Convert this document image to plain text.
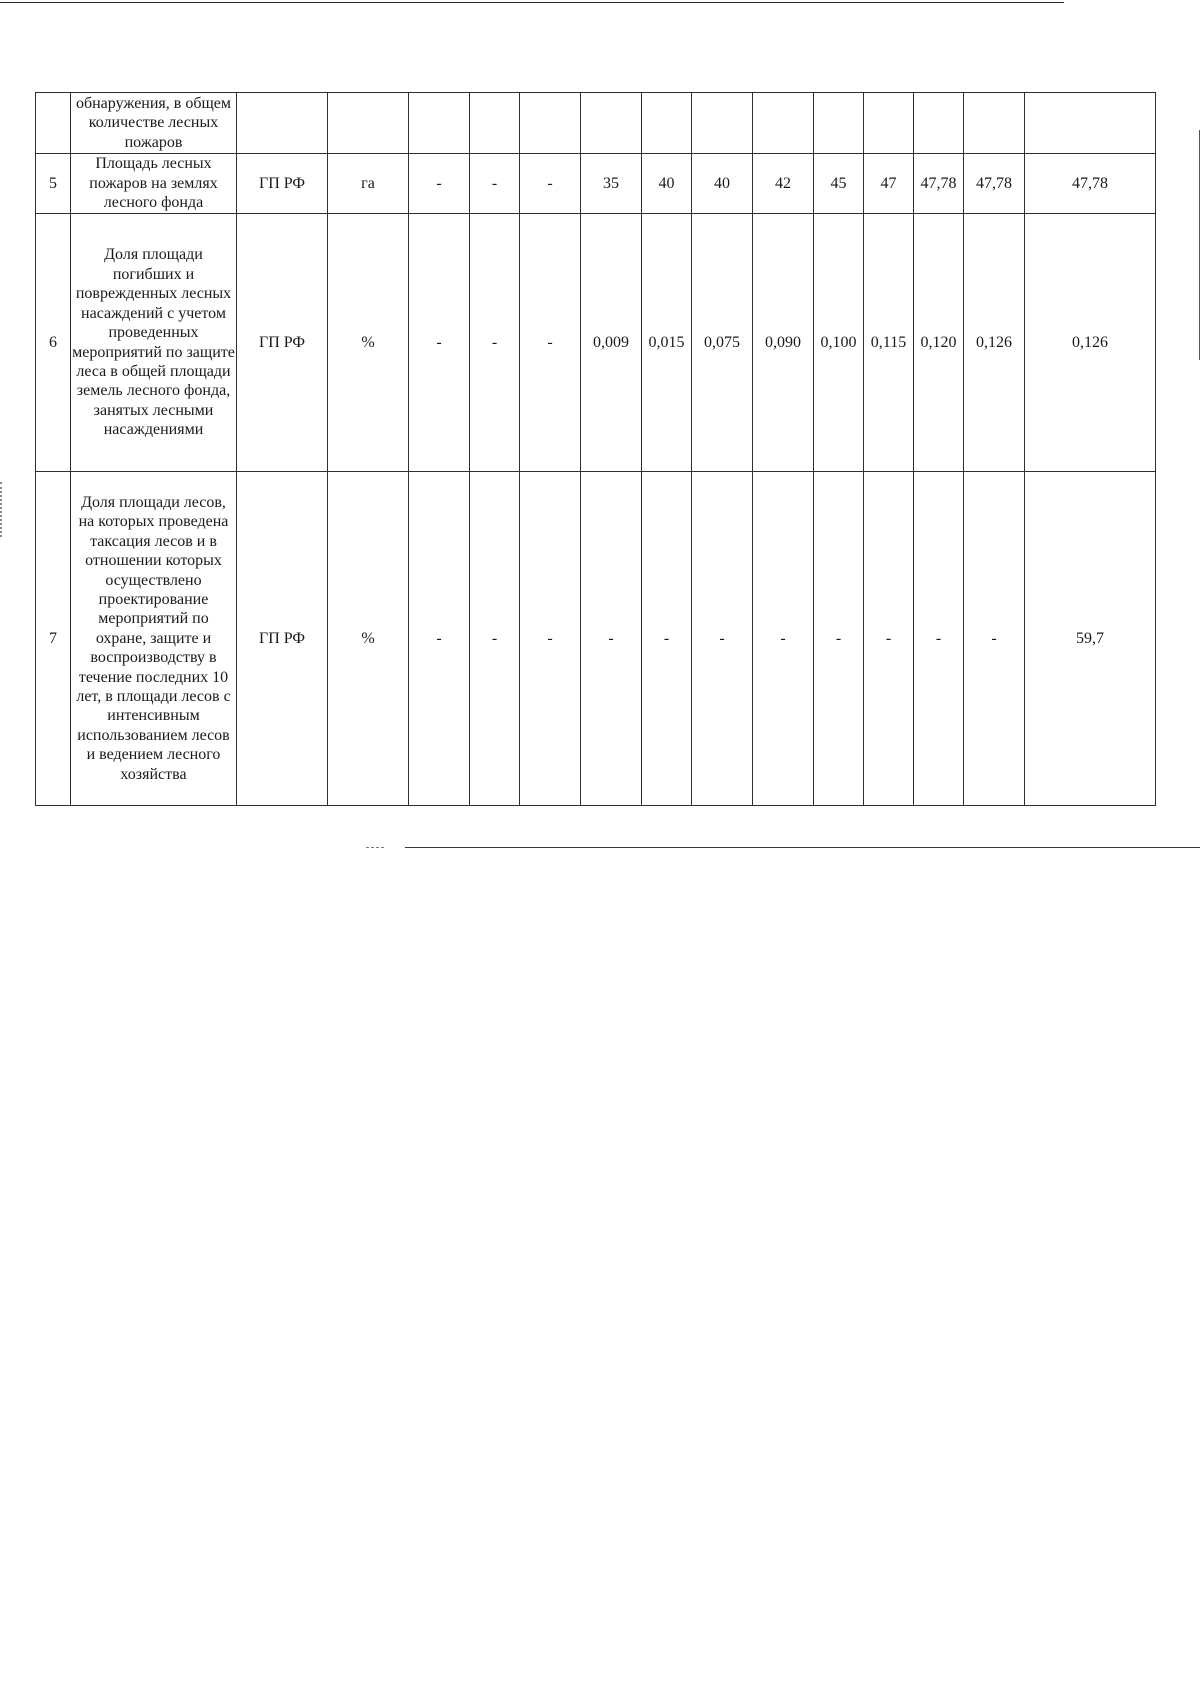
	обнаружения, в общем количестве лесных пожаров														
5	Площадь лесных пожаров на землях лесного фонда	ГП РФ	га	-	-	-	35	40	40	42	45	47	47,78	47,78	47,78
6	Доля площади погибших и поврежденных лесных насаждений с учетом проведенных мероприятий по защите леса в общей площади земель лесного фонда, занятых лесными насаждениями	ГП РФ	%	-	-	-	0,009	0,015	0,075	0,090	0,100	0,115	0,120	0,126	0,126
7	Доля площади лесов, на которых проведена таксация лесов и в отношении которых осуществлено проектирование мероприятий по охране, защите и воспроизводству в течение последних 10 лет, в площади лесов с интенсивным использованием лесов и ведением лесного хозяйства	ГП РФ	%	-	-	-	-	-	-	-	-	-	-	-	59,7
